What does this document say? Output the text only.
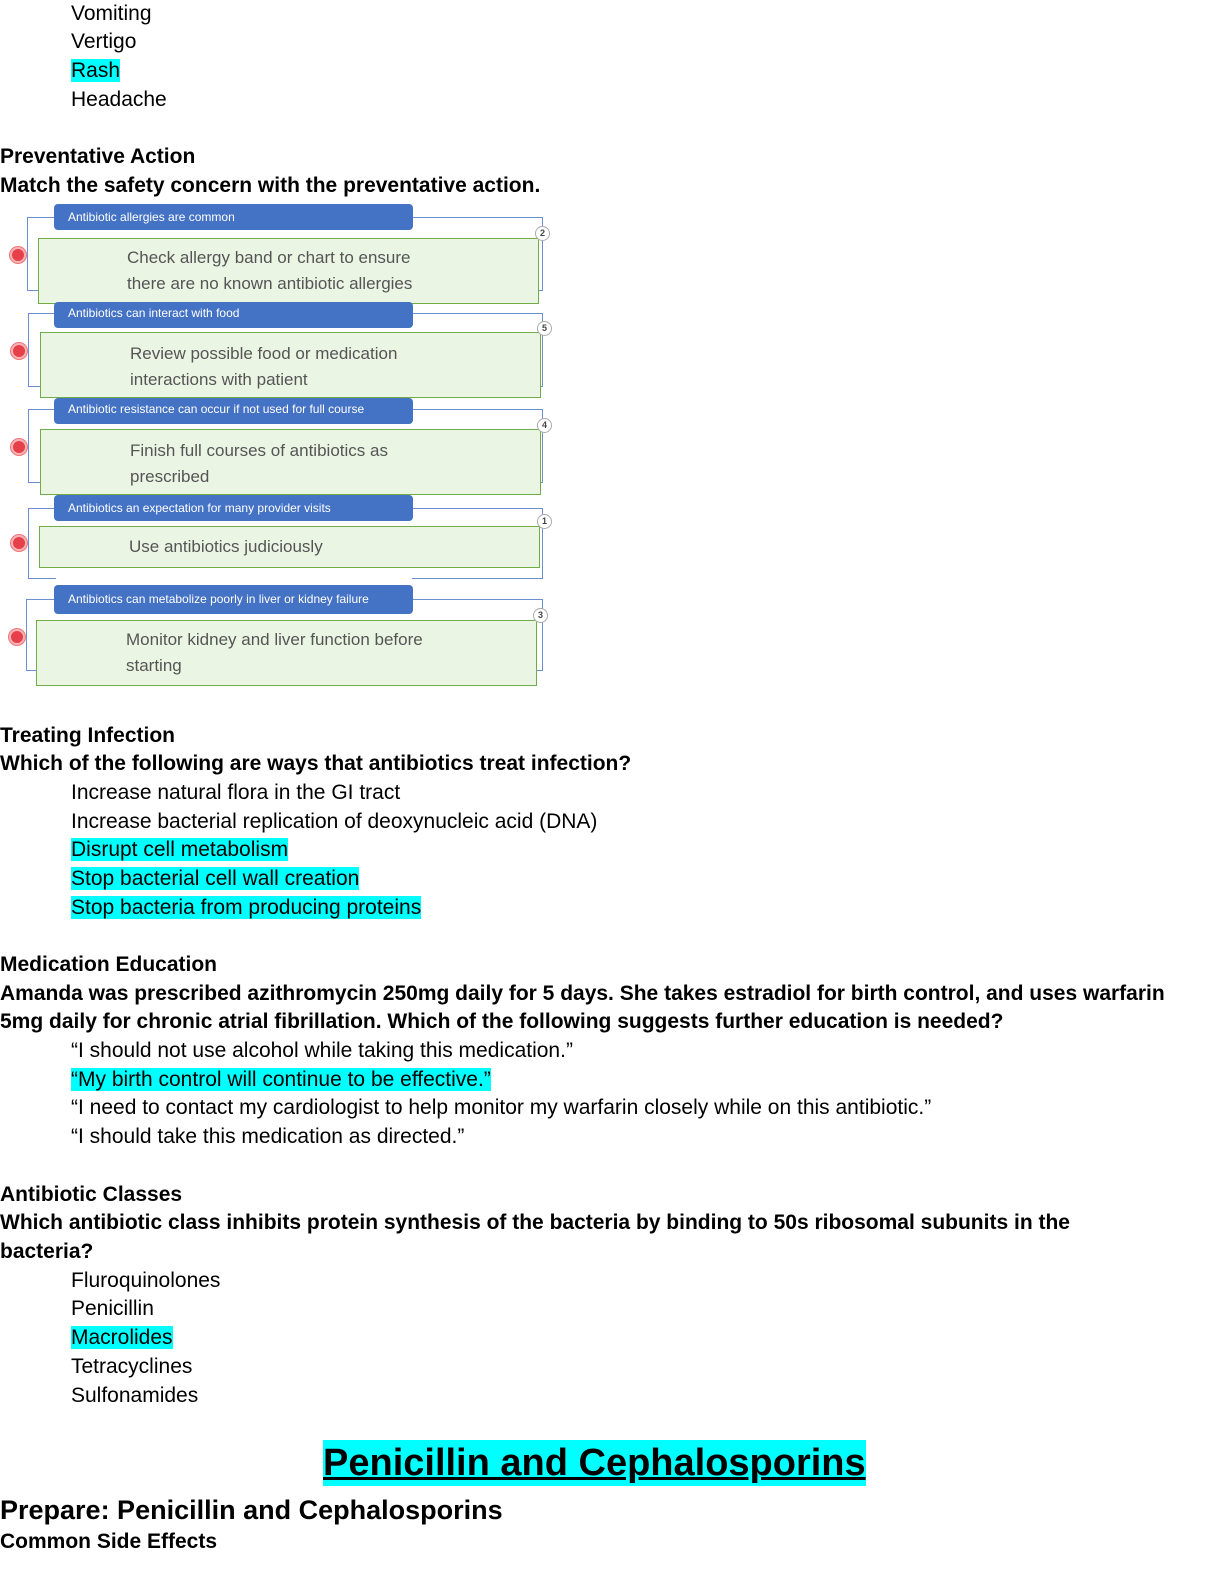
Vomiting
Vertigo
Rash
Headache
Preventative Action
Match the safety concern with the preventative action.
Antibiotic allergies are common
Check allergy band or chart to ensure
there are no known antibiotic allergies
2
Antibiotics can interact with food
Review possible food or medication
interactions with patient
5
Antibiotic resistance can occur if not used for full course
Finish full courses of antibiotics as
prescribed
4
Antibiotics an expectation for many provider visits
Use antibiotics judiciously
1
Antibiotics can metabolize poorly in liver or kidney failure
Monitor kidney and liver function before
starting
3
Treating Infection
Which of the following are ways that antibiotics treat infection?
Increase natural flora in the GI tract
Increase bacterial replication of deoxynucleic acid (DNA)
Disrupt cell metabolism
Stop bacterial cell wall creation
Stop bacteria from producing proteins
Medication Education
Amanda was prescribed azithromycin 250mg daily for 5 days. She takes estradiol for birth control, and uses warfarin
5mg daily for chronic atrial fibrillation. Which of the following suggests further education is needed?
“I should not use alcohol while taking this medication.”
“My birth control will continue to be effective.”
“I need to contact my cardiologist to help monitor my warfarin closely while on this antibiotic.”
“I should take this medication as directed.”
Antibiotic Classes
Which antibiotic class inhibits protein synthesis of the bacteria by binding to 50s ribosomal subunits in the
bacteria?
Fluroquinolones
Penicillin
Macrolides
Tetracyclines
Sulfonamides
Penicillin and Cephalosporins
Prepare: Penicillin and Cephalosporins
Common Side Effects
